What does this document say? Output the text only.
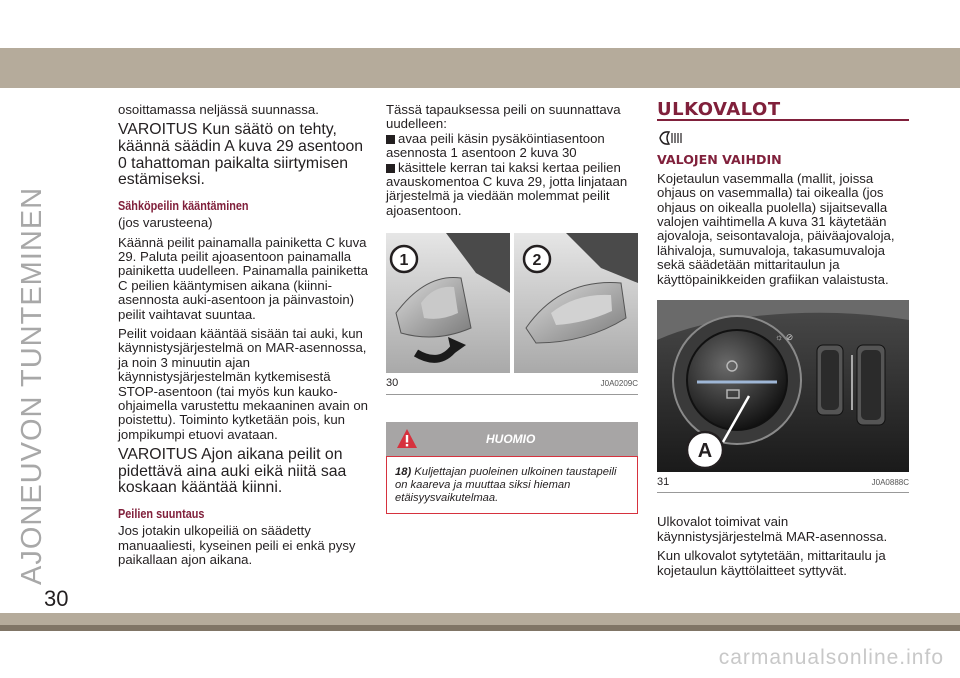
AJONEUVON TUNTEMINEN

osoittamassa neljässä suunnassa.

VAROITUS Kun säätö on tehty, käännä säädin A kuva 29 asentoon 0 tahattoman paikalta siirtymisen estämiseksi.

Sähköpeilin kääntäminen

(jos varusteena)

Käännä peilit painamalla painiketta C kuva 29. Paluta peilit ajoasentoon painamalla painiketta uudelleen. Painamalla painiketta C peilien kääntymisen aikana (kiinni-asennosta auki-asentoon ja päinvastoin) peilit vaihtavat suuntaa.

Peilit voidaan kääntää sisään tai auki, kun käynnistysjärjestelmä on MAR-asennossa, ja noin 3 minuutin ajan käynnistysjärjestelmän kytkemisestä STOP-asentoon (tai myös kun kauko-ohjaimella varustettu mekaaninen avain on poistettu). Toiminto kytketään pois, kun jompikumpi etuovi avataan.

VAROITUS Ajon aikana peilit on pidettävä aina auki eikä niitä saa koskaan kääntää kiinni.

Peilien suuntaus

Jos jotakin ulkopeiliä on säädetty manuaaliesti, kyseinen peili ei enkä pysy paikallaan ajon aikana.

Tässä tapauksessa peili on suunnattava uudelleen:

avaa peili käsin pysäköintiasentoon asennosta 1 asentoon 2 kuva 30

käsittele kerran tai kaksi kertaa peilien avauskomentoa C kuva 29, jotta linjataan järjestelmä ja viedään molemmat peilit ajoasentoon.

1	2
30	J0A0209C
HUOMIO
18) Kuljettajan puoleinen ulkoinen taustapeili on kaareva ja muuttaa siksi hieman etäisyysvaikutelmaa.
ULKOVALOT
VALOJEN VAIHDIN

Kojetaulun vasemmalla (mallit, joissa ohjaus on vasemmalla) tai oikealla (jos ohjaus on oikealla puolella) sijaitsevalla valojen vaihtimella A kuva 31 käytetään ajovaloja, seisontavaloja, päiväajovaloja, lähivaloja, sumuvaloja, takasumuvaloja sekä säädetään mittaritaulun ja käyttöpainikkeiden grafiikan valaistusta.

☼ ⊘
A
31	J0A0888C

Ulkovalot toimivat vain käynnistysjärjestelmä MAR-asennossa.

Kun ulkovalot sytytetään, mittaritaulu ja kojetaulun käyttölaitteet syttyvät.

30
carmanualsonline.info
